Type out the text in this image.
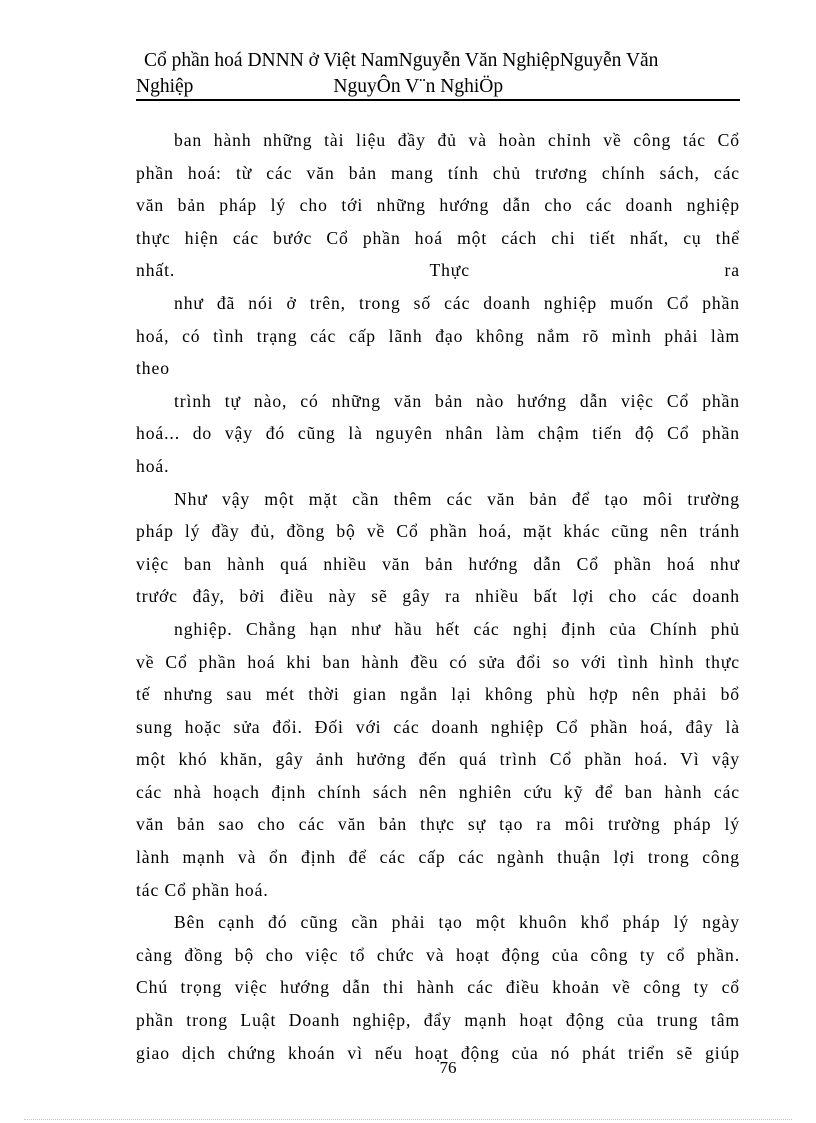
Cổ phần hoá DNNN ở Việt NamNguyễn Văn NghiệpNguyễn Văn
Nghiệp	NguyÔn V¨n NghiÖp
ban hành những tài liệu đầy đủ và hoàn chỉnh về công tác Cổ
phần hoá: từ các văn bản mang tính chủ trương chính sách, các
văn bản pháp lý cho tới những hướng dẫn cho các doanh nghiệp
thực hiện các bước Cổ phần hoá một cách chi tiết nhất, cụ thể
nhất. Thực ra
như đã nói ở trên, trong số các doanh nghiệp muốn Cổ phần
hoá, có tình trạng các cấp lãnh đạo không nắm rõ mình phải làm
theo
trình tự nào, có những văn bản nào hướng dẫn việc Cổ phần
hoá... do vậy đó cũng là nguyên nhân làm chậm tiến độ Cổ phần
hoá.
Như vậy một mặt cần thêm các văn bản để tạo môi trường
pháp lý đầy đủ, đồng bộ về Cổ phần hoá, mặt khác cũng nên tránh
việc ban hành quá nhiều văn bản hướng dẫn Cổ phần hoá như
trước đây, bởi điều này sẽ gây ra nhiều bất lợi cho các doanh
nghiệp. Chẳng hạn như hầu hết các nghị định của Chính phủ
về Cổ phần hoá khi ban hành đều có sửa đổi so với tình hình thực
tế nhưng sau mét thời gian ngắn lại không phù hợp nên phải bổ
sung hoặc sửa đổi. Đối với các doanh nghiệp Cổ phần hoá, đây là
một khó khăn, gây ảnh hưởng đến quá trình Cổ phần hoá. Vì vậy
các nhà hoạch định chính sách nên nghiên cứu kỹ để ban hành các
văn bản sao cho các văn bản thực sự tạo ra môi trường pháp lý
lành mạnh và ổn định để các cấp các ngành thuận lợi trong công
tác Cổ phần hoá.
Bên cạnh đó cũng cần phải tạo một khuôn khổ pháp lý ngày
càng đồng bộ cho việc tổ chức và hoạt động của công ty cổ phần.
Chú trọng việc hướng dẫn thi hành các điều khoản về công ty cổ
phần trong Luật Doanh nghiệp, đẩy mạnh hoạt động của trung tâm
giao dịch chứng khoán vì nếu hoạt động của nó phát triển sẽ giúp
76
